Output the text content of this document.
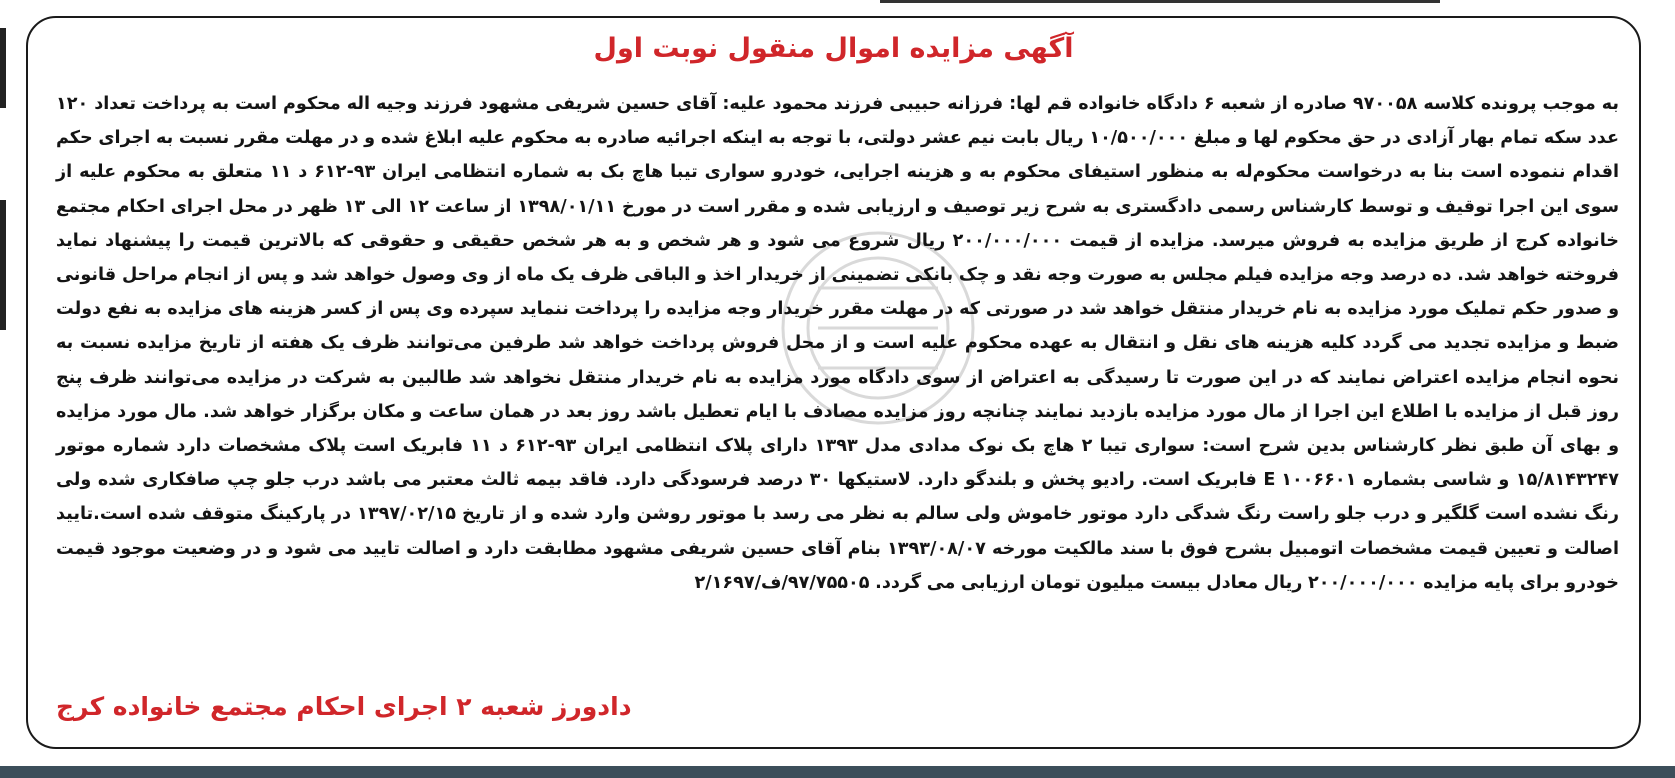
آگهی مزایده اموال منقول نوبت اول

به موجب پرونده کلاسه ۹۷۰۰۵۸ صادره از شعبه ۶ دادگاه خانواده قم لها: فرزانه حبیبی فرزند محمود علیه: آقای حسین شریفی مشهود فرزند وجیه اله محکوم است به پرداخت تعداد ۱۲۰ عدد سکه تمام بهار آزادی در حق محکوم لها و مبلغ ۱۰/۵۰۰/۰۰۰ ریال بابت نیم عشر دولتی، با توجه به اینکه اجرائیه صادره به محکوم علیه ابلاغ شده و در مهلت مقرر نسبت به اجرای حکم اقدام ننموده است بنا به درخواست محکوم‌له به منظور استیفای محکوم به و هزینه اجرایی، خودرو سواری تیبا هاچ بک به شماره انتظامی ایران ۹۳-۶۱۲ د ۱۱ متعلق به محکوم علیه از سوی این اجرا توقیف و توسط کارشناس رسمی دادگستری به شرح زیر توصیف و ارزیابی شده و مقرر است در مورخ ۱۳۹۸/۰۱/۱۱ از ساعت ۱۲ الی ۱۳ ظهر در محل اجرای احکام مجتمع خانواده کرج از طریق مزایده به فروش میرسد. مزایده از قیمت ۲۰۰/۰۰۰/۰۰۰ ریال شروع می شود و هر شخص و به هر شخص حقیقی و حقوقی که بالاترین قیمت را پیشنهاد نماید فروخته خواهد شد. ده درصد وجه مزایده فیلم مجلس به صورت وجه نقد و چک بانکی تضمینی از خریدار اخذ و الباقی ظرف یک ماه از وی وصول خواهد شد و پس از انجام مراحل قانونی و صدور حکم تملیک مورد مزایده به نام خریدار منتقل خواهد شد در صورتی که در مهلت مقرر خریدار وجه مزایده را پرداخت ننماید سپرده وی پس از کسر هزینه های مزایده به نفع دولت ضبط و مزایده تجدید می گردد کلیه هزینه های نقل و انتقال به عهده محکوم علیه است و از محل فروش پرداخت خواهد شد طرفین می‌توانند ظرف یک هفته از تاریخ مزایده نسبت به نحوه انجام مزایده اعتراض نمایند که در این صورت تا رسیدگی به اعتراض از سوی دادگاه مورد مزایده به نام خریدار منتقل نخواهد شد طالبین به شرکت در مزایده می‌توانند ظرف پنج روز قبل از مزایده با اطلاع این اجرا از مال مورد مزایده بازدید نمایند چنانچه روز مزایده مصادف با ایام تعطیل باشد روز بعد در همان ساعت و مکان برگزار خواهد شد. مال مورد مزایده و بهای آن طبق نظر کارشناس بدین شرح است: سواری تیبا ۲ هاچ بک نوک مدادی مدل ۱۳۹۳ دارای پلاک انتظامی ایران ۹۳-۶۱۲ د ۱۱ فابریک است پلاک مشخصات دارد شماره موتور ۱۵/۸۱۴۳۲۴۷ و شاسی بشماره E ۱۰۰۶۶۰۱ فابریک است. رادیو پخش و بلندگو دارد. لاستیکها ۳۰ درصد فرسودگی دارد. فاقد بیمه ثالث معتبر می باشد درب جلو چپ صافکاری شده ولی رنگ نشده است گلگیر و درب جلو راست رنگ شدگی دارد موتور خاموش ولی سالم به نظر می رسد با موتور روشن وارد شده و از تاریخ ۱۳۹۷/۰۲/۱۵ در پارکینگ متوقف شده است.تایید اصالت و تعیین قیمت مشخصات اتومبیل بشرح فوق با سند مالکیت مورخه ۱۳۹۳/۰۸/۰۷ بنام آقای حسین شریفی مشهود مطابقت دارد و اصالت تایید می شود و در وضعیت موجود قیمت خودرو برای پایه مزایده ۲۰۰/۰۰۰/۰۰۰ ریال معادل بیست میلیون تومان ارزیابی می گردد. ۹۷/۷۵۵۰۵/ف/۲/۱۶۹۷

دادورز شعبه ۲ اجرای احکام مجتمع خانواده کرج
